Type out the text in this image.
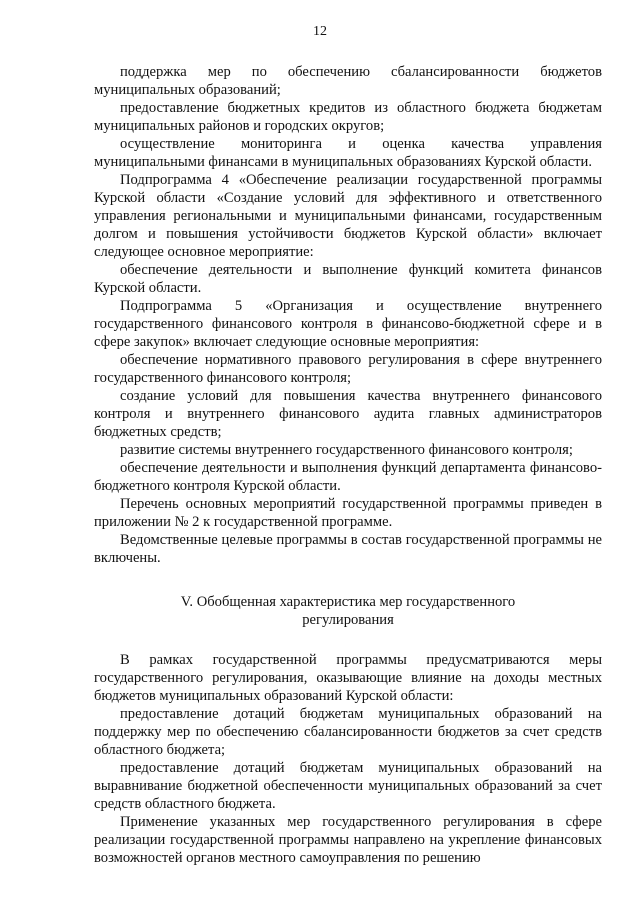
12

поддержка мер по обеспечению сбалансированности бюджетов муниципальных образований;

предоставление бюджетных кредитов из областного бюджета бюджетам муниципальных районов и городских округов;

осуществление мониторинга и оценка качества управления муниципальными финансами в муниципальных образованиях Курской области.

Подпрограмма 4 «Обеспечение реализации государственной программы Курской области «Создание условий для эффективного и ответственного управления региональными и муниципальными финансами, государственным долгом и повышения устойчивости бюджетов Курской области» включает следующее основное мероприятие:

обеспечение деятельности и выполнение функций комитета финансов Курской области.

Подпрограмма 5 «Организация и осуществление внутреннего государственного финансового контроля в финансово-бюджетной сфере и в сфере закупок» включает следующие основные мероприятия:

обеспечение нормативного правового регулирования в сфере внутреннего государственного финансового контроля;

создание условий для повышения качества внутреннего финансового контроля и внутреннего финансового аудита главных администраторов бюджетных средств;

развитие системы внутреннего государственного финансового контроля;

обеспечение деятельности и выполнения функций департамента финансово-бюджетного контроля Курской области.

Перечень основных мероприятий государственной программы приведен в приложении № 2 к государственной программе.

Ведомственные целевые программы в состав государственной программы не включены.

V. Обобщенная характеристика мер государственного
регулирования

В рамках государственной программы предусматриваются меры государственного регулирования, оказывающие влияние на доходы местных бюджетов муниципальных образований Курской области:

предоставление дотаций бюджетам муниципальных образований на поддержку мер по обеспечению сбалансированности бюджетов за счет средств областного бюджета;

предоставление дотаций бюджетам муниципальных образований на выравнивание бюджетной обеспеченности муниципальных образований за счет средств областного бюджета.

Применение указанных мер государственного регулирования в сфере реализации государственной программы направлено на укрепление финансовых возможностей органов местного самоуправления по решению
